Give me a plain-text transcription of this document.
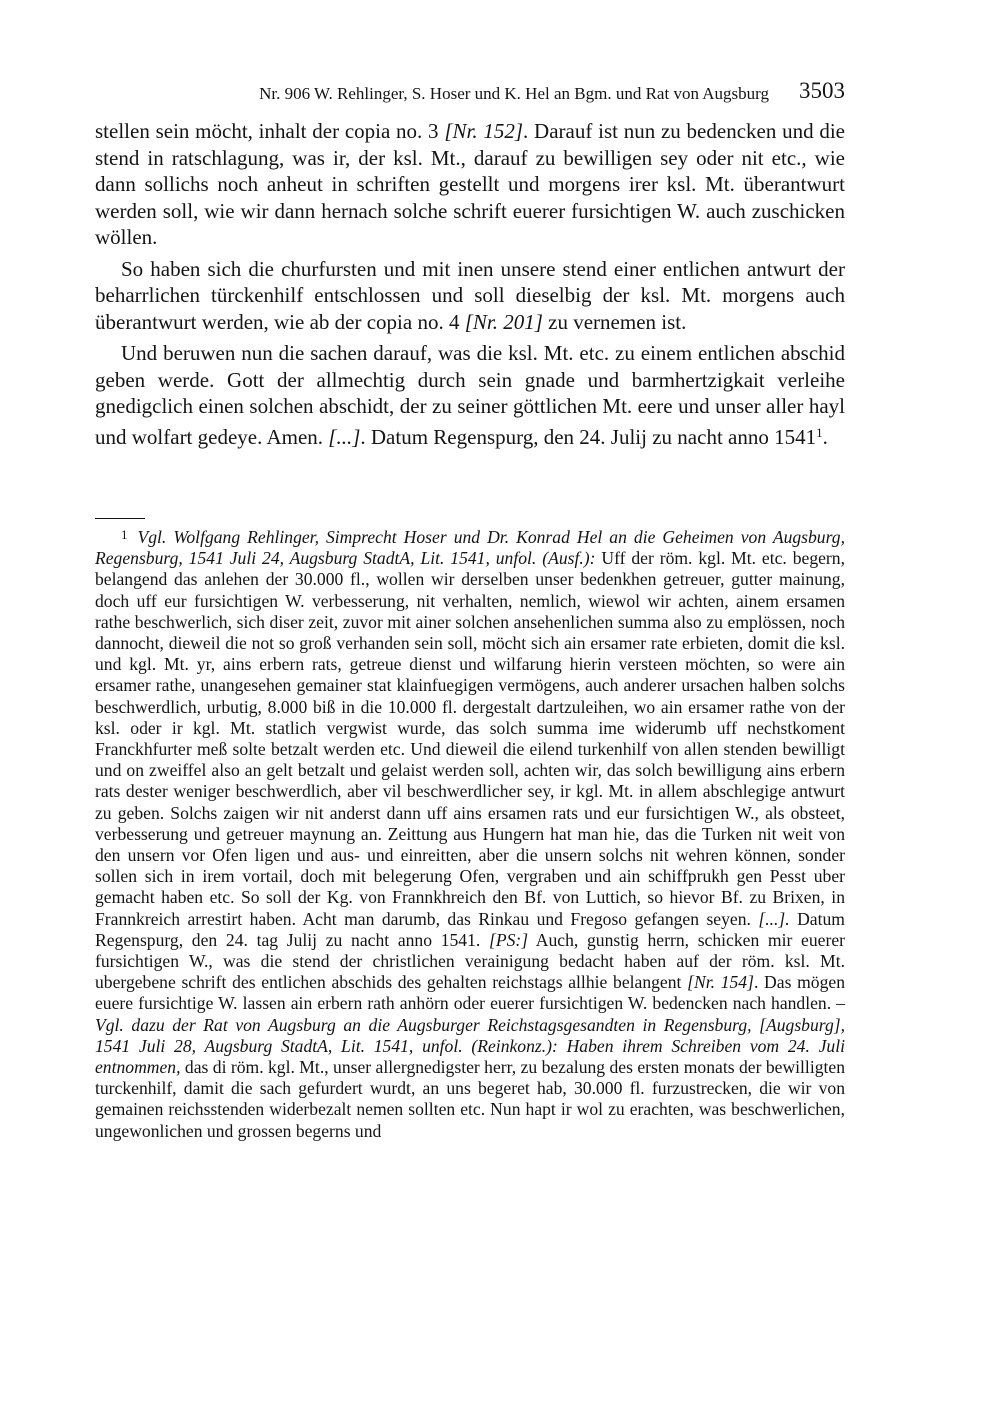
Nr. 906 W. Rehlinger, S. Hoser und K. Hel an Bgm. und Rat von Augsburg 3503

stellen sein möcht, inhalt der copia no. 3 [Nr. 152]. Darauf ist nun zu bedencken und die stend in ratschlagung, was ir, der ksl. Mt., darauf zu bewilligen sey oder nit etc., wie dann sollichs noch anheut in schriften gestellt und morgens irer ksl. Mt. überantwurt werden soll, wie wir dann hernach solche schrift euerer fursichtigen W. auch zuschicken wöllen.

So haben sich die churfursten und mit inen unsere stend einer entlichen antwurt der beharrlichen türckenhilf entschlossen und soll dieselbig der ksl. Mt. morgens auch überantwurt werden, wie ab der copia no. 4 [Nr. 201] zu vernemen ist.

Und beruwen nun die sachen darauf, was die ksl. Mt. etc. zu einem entlichen abschid geben werde. Gott der allmechtig durch sein gnade und barmhertzigkait verleihe gnedigclich einen solchen abschidt, der zu seiner göttlichen Mt. eere und unser aller hayl und wolfart gedeye. Amen. [...]. Datum Regenspurg, den 24. Julij zu nacht anno 1541$^1$.

$^1$ Vgl. Wolfgang Rehlinger, Simprecht Hoser und Dr. Konrad Hel an die Geheimen von Augsburg, Regensburg, 1541 Juli 24, Augsburg StadtA, Lit. 1541, unfol. (Ausf.): Uff der röm. kgl. Mt. etc. begern, belangend das anlehen der 30.000 fl., wollen wir derselben unser bedenkhen getreuer, gutter mainung, doch uff eur fursichtigen W. verbesserung, nit verhalten, nemlich, wiewol wir achten, ainem ersamen rathe beschwerlich, sich diser zeit, zuvor mit ainer solchen ansehenlichen summa also zu emplössen, noch dannocht, dieweil die not so groß verhanden sein soll, möcht sich ain ersamer rate erbieten, domit die ksl. und kgl. Mt. yr, ains erbern rats, getreue dienst und wilfarung hierin versteen möchten, so were ain ersamer rathe, unangesehen gemainer stat klainfuegigen vermögens, auch anderer ursachen halben solchs beschwerdlich, urbutig, 8.000 biß in die 10.000 fl. dergestalt dartzuleihen, wo ain ersamer rathe von der ksl. oder ir kgl. Mt. statlich vergwist wurde, das solch summa ime widerumb uff nechstkoment Franckhfurter meß solte betzalt werden etc. Und dieweil die eilend turkenhilf von allen stenden bewilligt und on zweiffel also an gelt betzalt und gelaist werden soll, achten wir, das solch bewilligung ains erbern rats dester weniger beschwerdlich, aber vil beschwerdlicher sey, ir kgl. Mt. in allem abschlegige antwurt zu geben. Solchs zaigen wir nit anderst dann uff ains ersamen rats und eur fursichtigen W., als obsteet, verbesserung und getreuer maynung an. Zeittung aus Hungern hat man hie, das die Turken nit weit von den unsern vor Ofen ligen und aus- und einreitten, aber die unsern solchs nit wehren können, sonder sollen sich in irem vortail, doch mit belegerung Ofen, vergraben und ain schiffprukh gen Pesst uber gemacht haben etc. So soll der Kg. von Frannkhreich den Bf. von Luttich, so hievor Bf. zu Brixen, in Frannkreich arrestirt haben. Acht man darumb, das Rinkau und Fregoso gefangen seyen. [...]. Datum Regenspurg, den 24. tag Julij zu nacht anno 1541. [PS:] Auch, gunstig herrn, schicken mir euerer fursichtigen W., was die stend der christlichen verainigung bedacht haben auf der röm. ksl. Mt. ubergebene schrift des entlichen abschids des gehalten reichstags allhie belangent [Nr. 154]. Das mögen euere fursichtige W. lassen ain erbern rath anhörn oder euerer fursichtigen W. bedencken nach handlen. – Vgl. dazu der Rat von Augsburg an die Augsburger Reichstagsgesandten in Regensburg, [Augsburg], 1541 Juli 28, Augsburg StadtA, Lit. 1541, unfol. (Reinkonz.): Haben ihrem Schreiben vom 24. Juli entnommen, das di röm. kgl. Mt., unser allergnedigster herr, zu bezalung des ersten monats der bewilligten turckenhilf, damit die sach gefurdert wurdt, an uns begeret hab, 30.000 fl. furzustrecken, die wir von gemainen reichsstenden widerbezalt nemen sollten etc. Nun hapt ir wol zu erachten, was beschwerlichen, ungewonlichen und grossen begerns und
